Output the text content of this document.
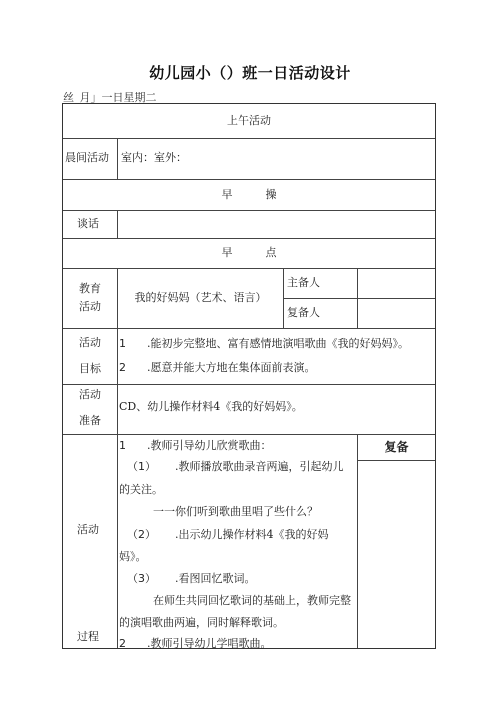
幼儿园小（）班一日活动设计
丝_月」一日星期二
上午活动
早　　　操
早　　　点
晨间活动 室内：室外：
谈话
教育
活动
我的好妈妈（艺术、语言）
主备人
复备人
活动
目标
1 .能初步完整地、富有感情地演唱歌曲《我的好妈妈》。
2 .愿意并能大方地在集体面前表演。
活动
准备
CD、幼儿操作材料4《我的好妈妈》。
活动
过程
复备
1 .教师引导幼儿欣赏歌曲：
（1） .教师播放歌曲录音两遍，引起幼儿
的关注。
一一你们听到歌曲里唱了些什么？
（2） .出示幼儿操作材料4《我的好妈
妈》。
（3） .看图回忆歌词。
在师生共同回忆歌词的基础上，教师完整
的演唱歌曲两遍，同时解释歌词。
2 .教师引导幼儿学唱歌曲。
